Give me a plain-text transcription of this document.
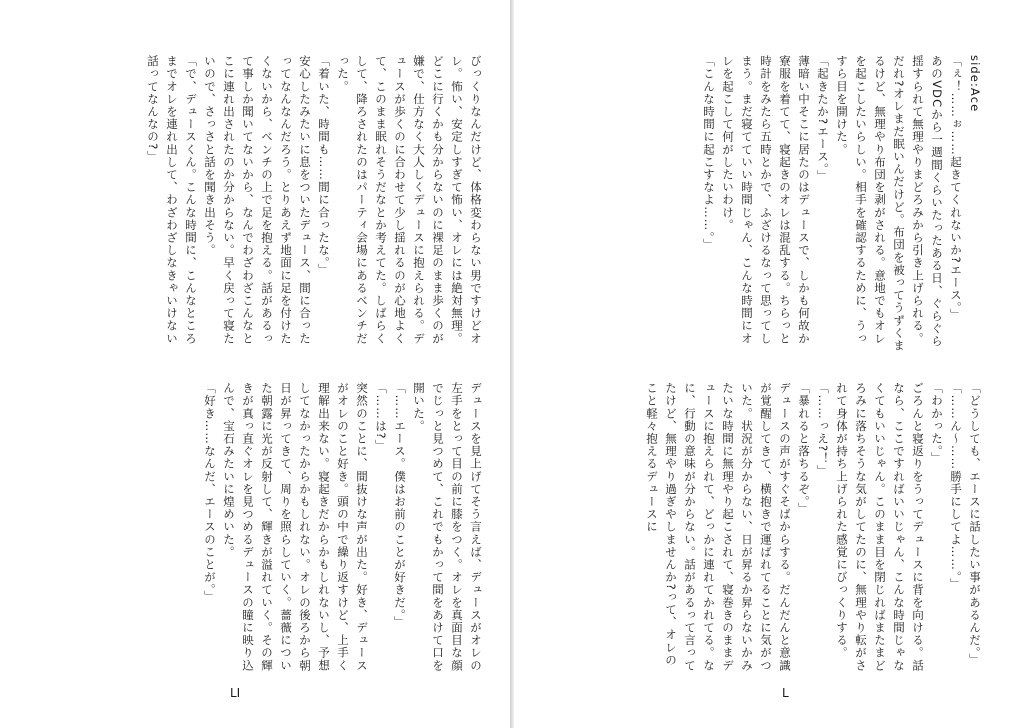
びっくりなんだけど、体格変わらない男ですけどオレ。怖い、安定しすぎて怖い、オレには絶対無理。
どこに行くかも分からないのに裸足のまま歩くのが嫌で、仕方なく大人しくデュースに抱えられる。デュースが歩くのに合わせて少し揺れるのが心地よくて、このまま眠れそうだなとか考えてた。しばらくして、降ろされたのはパーティ会場にあるベンチだった。
「着いた、時間も……間に合ったな。」
安心したみたいに息をついたデュース、間に合ったってなんなんだろう。とりあえず地面に足を付けたくないから、ベンチの上で足を抱える。話があるって事しか聞いてないから、なんでわざわざこんなとこに連れ出されたのか分からない。早く戻って寝たいので、さっさと話を聞き出そう。
「で、デュースくん。こんな時間に、こんなところまでオレを連れ出して、わざわざしなきゃいけない話ってなんなの?」
デュースを見上げてそう言えば、デュースがオレの左手をとって目の前に膝をつく。オレを真面目な顔でじっと見つめて、これでもかって間をあけて口を開いた。
「……エース。僕はお前のことが好きだ。」
「……は?」
突然のことに、間抜けな声が出た。好き、デュースがオレのこと好き。頭の中で繰り返すけど、上手く理解出来ない。寝起きだからかもしれないし、予想してなかったからかもしれない。オレの後ろから朝日が昇ってきて、周りを照らしていく。薔薇についた朝露に光が反射して、輝きが溢れていく。その輝きが真っ直ぐオレを見つめるデュースの瞳に映り込んで、宝石みたいに煌めいた。
「好き……なんだ、エースのことが。」
LI
side:Ace
「ぇ！……ぉ……起きてくれないか?エース。」
あのVDCから一週間くらいたったある日、ぐらぐら揺すられて無理やりまどろみから引き上げられる。だれ?オレまだ眠いんだけど。布団を被ってうずくまるけど、無理やり布団を剥がされる。意地でもオレを起こしたいらしい。相手を確認するために、うっすら目を開けた。
「起きたか?エース。」
薄暗い中そこに居たのはデュースで、しかも何故か寮服を着てて、寝起きのオレは混乱する。ちらっと時計をみたら五時とかで、ふざけるなって思ってしまう。まだ寝てていい時間じゃん、こんな時間にオレを起こして何がしたいわけ。
「こんな時間に起こすなよ……。」
「どうしても、エースに話したい事があるんだ。」
「……ん〜……勝手にしてよ……。」
「わかった。」
ごろんと寝返りをうってデュースに背を向ける。話なら、ここですればいいじゃん、こんな時間じゃなくてもいいじゃん。このまま目を閉じればまたまどろみに落ちそうな気がしてたのに、無理やり転がされて身体が持ち上げられた感覚にびっくりする。
「……っえ?！」
「暴れると落ちるぞ。」
デュースの声がすぐそばからする。だんだんと意識が覚醒してきて、横抱きで運ばれてることに気がついた。状況が分からない、日が昇るか昇らないかみたいな時間に無理やり起こされて、寝巻きのままデュースに抱えられて、どっかに連れてかれてる。なに、行動の意味が分からない。話があるって言ってたけど、無理やり過ぎやしませんか?って、オレのこと軽々抱えるデュースに
L
